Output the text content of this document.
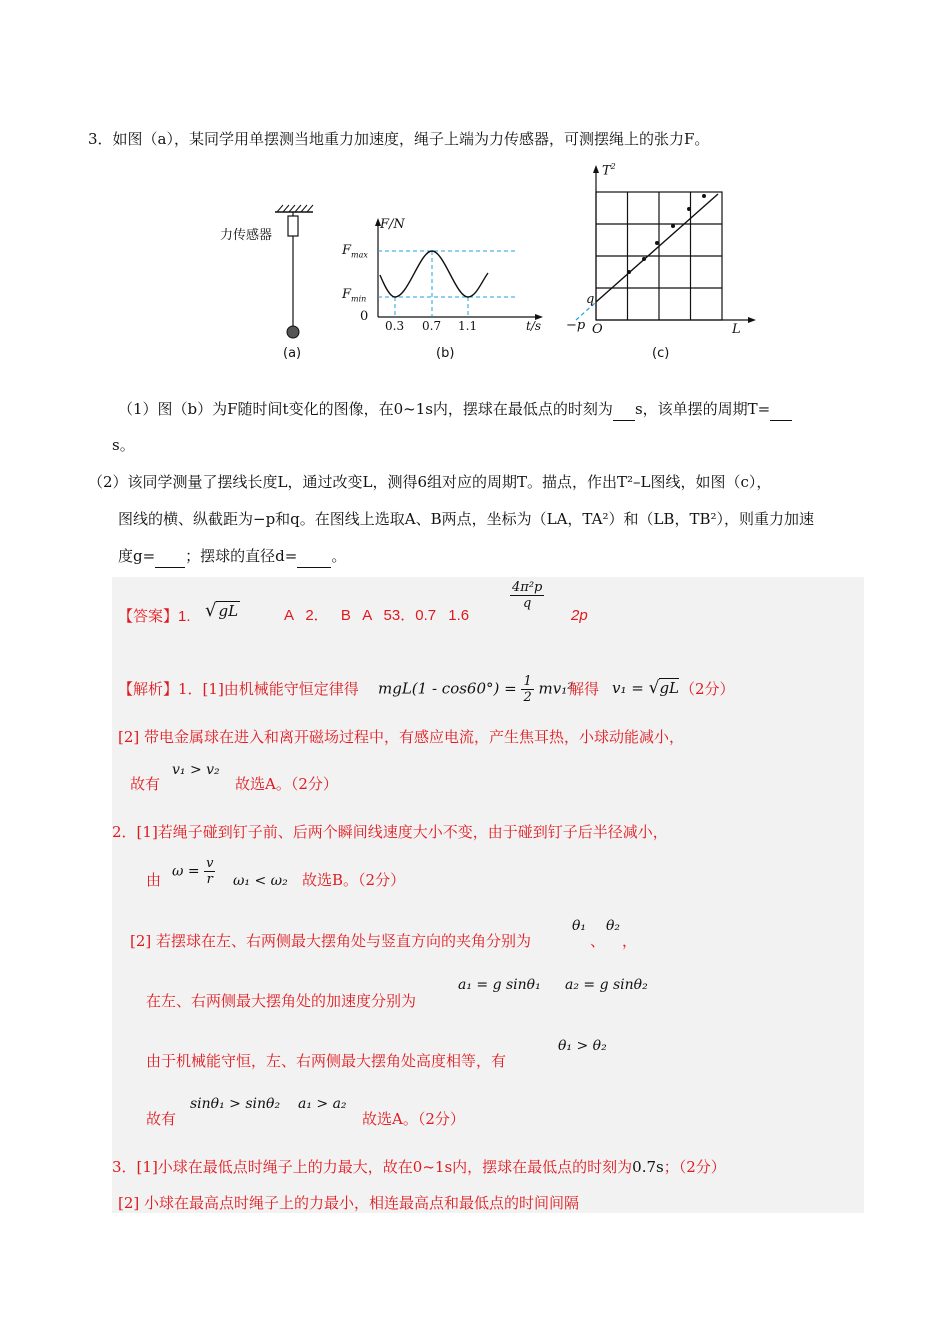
3．如图（a），某同学用单摆测当地重力加速度，绳子上端为力传感器，可测摆绳上的张力F。
力传感器
(a)
F/N
$F_{max}$
$F_{min}$
0
0.3 0.7 1.1	t/s
(b)
$T^2$
q
−p O	L
(c)
（1）图（b）为F随时间t变化的图像，在0~1s内，摆球在最低点的时刻为 s，该单摆的周期T=
s。
（2）该同学测量了摆线长度L，通过改变L，测得6组对应的周期T。描点，作出T²–L图线，如图（c），
图线的横、纵截距为−p和q。在图线上选取A、B两点，坐标为（LA，TA²）和（LB，TB²），则重力加速
度g= ；摆球的直径d= 。
【答案】1. √ gL	A 2． B A 53．0.7 1.6
$\frac{\text{4π²p}}{q}$
2p
【解析】1．[1]由机械能守恒定律得 $mgL(1 - \cos 60^\circ) = \frac{1}{2} mv_1^2$
解得 v₁ = √gL （2分）
[2] 带电金属球在进入和离开磁场过程中，有感应电流，产生焦耳热，小球动能减小，
故有
v₁ > v₂
故选A。（2分）
2．[1]若绳子碰到钉子前、后两个瞬间线速度大小不变，由于碰到钉子后半径减小，
由 $\omega = \frac{v}{r} \omega_1 < \omega_2$ 故选B。（2分）
[2] 若摆球在左、右两侧最大摆角处与竖直方向的夹角分别为
θ₁
、
θ₂
，
在左、右两侧最大摆角处的加速度分别为
a₁ = g sinθ₁ a₂ = g sinθ₂
由于机械能守恒，左、右两侧最大摆角处高度相等，有
θ₁ > θ₂
故有
sinθ₁ > sinθ₂ a₁ > a₂
故选A。（2分）
3．[1]小球在最低点时绳子上的力最大，故在0~1s内，摆球在最低点的时刻为0.7s；（2分）
[2] 小球在最高点时绳子上的力最小，相连最高点和最低点的时间间隔
